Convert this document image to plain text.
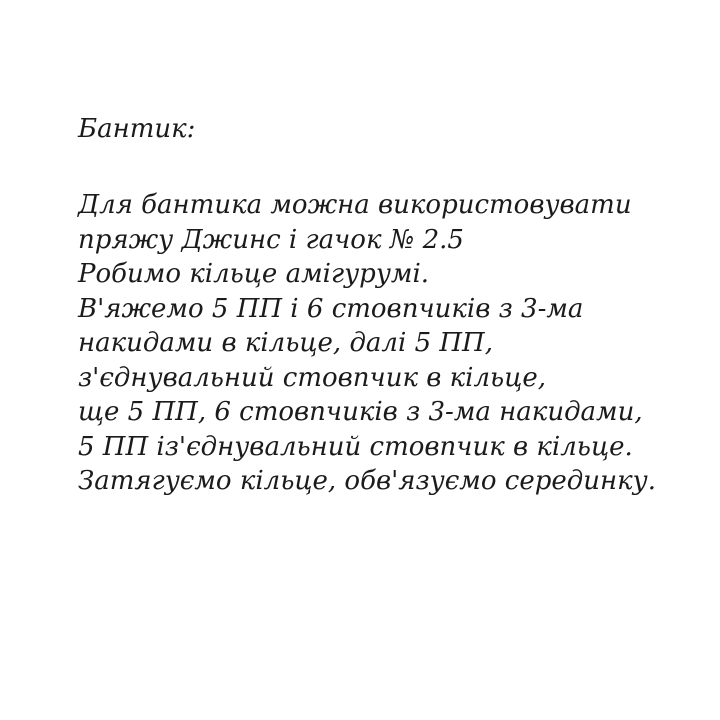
Бантик:
Для бантика можна використовувати
пряжу Джинс і гачок № 2.5
Робимо кільце амігурумі.
В'яжемо 5 ПП і 6 стовпчиків з 3-ма
накидами в кільце, далі 5 ПП,
з'єднувальний стовпчик в кільце,
ще 5 ПП, 6 стовпчиків з 3-ма накидами,
5 ПП із'єднувальний стовпчик в кільце.
Затягуємо кільце, обв'язуємо серединку.
